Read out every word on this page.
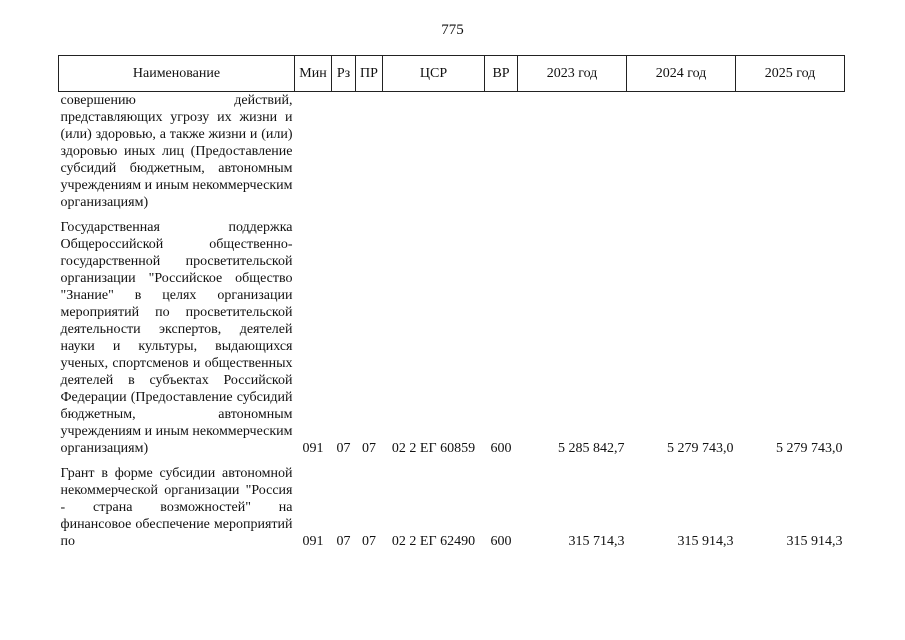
775
Наименование	Мин	Рз	ПР	ЦСР	ВР	2023 год	2024 год	2025 год
совершению действий, представляющих угрозу их жизни и (или) здоровью, а также жизни и (или) здоровью иных лиц (Предоставление субсидий бюджетным, автономным учреждениям и иным некоммерческим организациям)								

Государственная поддержка Общероссийской общественно-государственной просветительской организации "Российское общество "Знание" в целях организации мероприятий по просветительской деятельности экспертов, деятелей науки и культуры, выдающихся ученых, спортсменов и общественных деятелей в субъектах Российской Федерации (Предоставление субсидий бюджетным, автономным учреждениям и иным некоммерческим организациям)	091	07	07	02 2 ЕГ 60859	600	5 285 842,7	5 279 743,0	5 279 743,0

Грант в форме субсидии автономной некоммерческой организации "Россия - страна возможностей" на финансовое обеспечение мероприятий по	091	07	07	02 2 ЕГ 62490	600	315 714,3	315 914,3	315 914,3
